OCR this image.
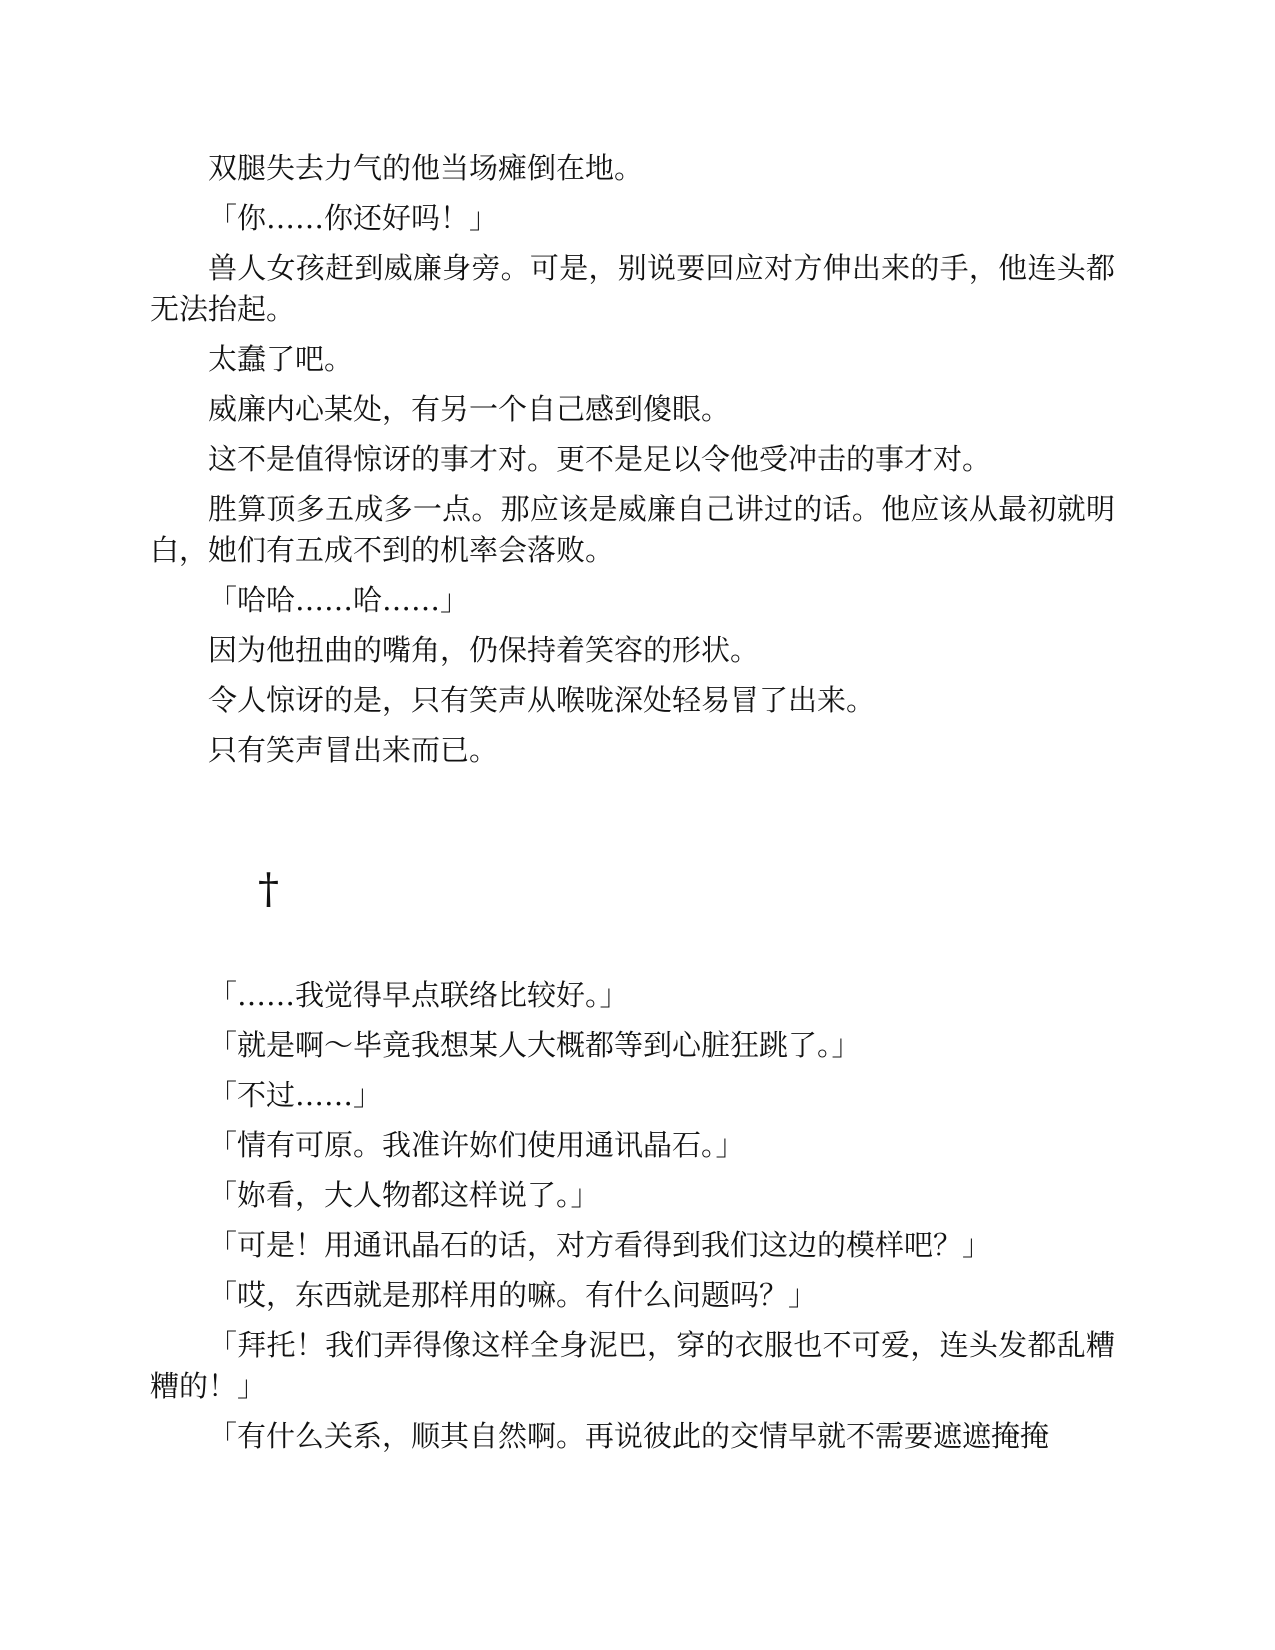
双腿失去力气的他当场瘫倒在地。

「你……你还好吗！」

兽人女孩赶到威廉身旁。可是，别说要回应对方伸出来的手，他连头都无法抬起。

太蠢了吧。

威廉内心某处，有另一个自己感到傻眼。

这不是值得惊讶的事才对。更不是足以令他受冲击的事才对。

胜算顶多五成多一点。那应该是威廉自己讲过的话。他应该从最初就明白，她们有五成不到的机率会落败。

「哈哈……哈……」

因为他扭曲的嘴角，仍保持着笑容的形状。

令人惊讶的是，只有笑声从喉咙深处轻易冒了出来。

只有笑声冒出来而已。

†

「……我觉得早点联络比较好。」

「就是啊～毕竟我想某人大概都等到心脏狂跳了。」

「不过……」

「情有可原。我准许妳们使用通讯晶石。」

「妳看，大人物都这样说了。」

「可是！用通讯晶石的话，对方看得到我们这边的模样吧？」

「哎，东西就是那样用的嘛。有什么问题吗？」

「拜托！我们弄得像这样全身泥巴，穿的衣服也不可爱，连头发都乱糟糟的！」

「有什么关系，顺其自然啊。再说彼此的交情早就不需要遮遮掩掩
